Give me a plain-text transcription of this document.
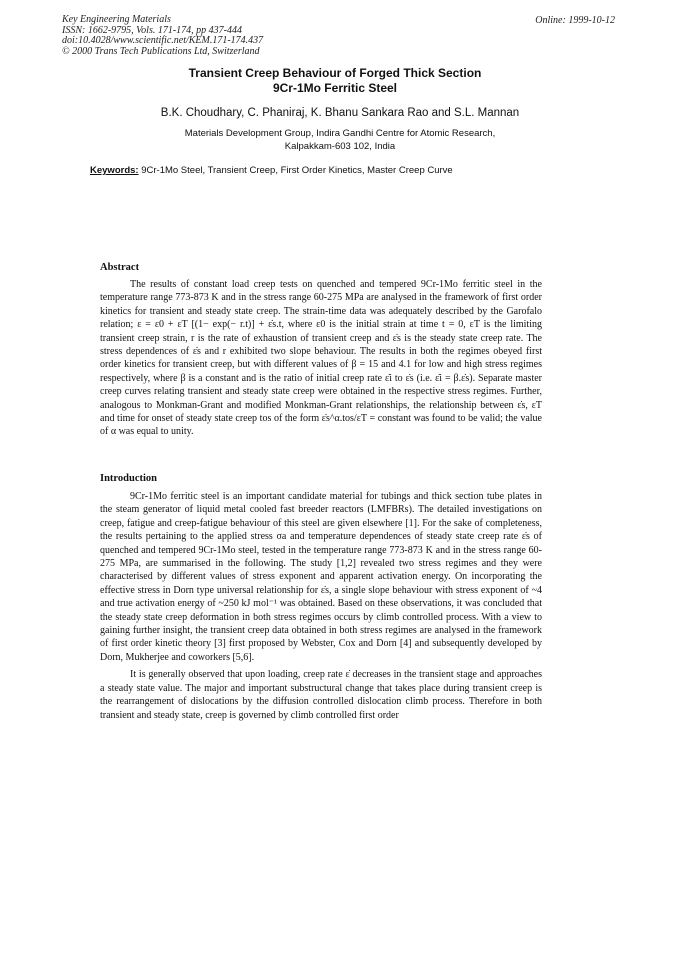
Key Engineering Materials
ISSN: 1662-9795, Vols. 171-174, pp 437-444
doi:10.4028/www.scientific.net/KEM.171-174.437
© 2000 Trans Tech Publications Ltd, Switzerland
Online: 1999-10-12
Transient Creep Behaviour of Forged Thick Section
9Cr-1Mo Ferritic Steel
B.K. Choudhary, C. Phaniraj, K. Bhanu Sankara Rao and S.L. Mannan
Materials Development Group, Indira Gandhi Centre for Atomic Research,
Kalpakkam-603 102, India
Keywords: 9Cr-1Mo Steel, Transient Creep, First Order Kinetics, Master Creep Curve
Abstract

The results of constant load creep tests on quenched and tempered 9Cr-1Mo ferritic steel in the temperature range 773-873 K and in the stress range 60-275 MPa are analysed in the framework of first order kinetics for transient and steady state creep. The strain-time data was adequately described by the Garofalo relation; ε = ε0 + εT [(1− exp(− r.t)] + ε̇s.t, where ε0 is the initial strain at time t = 0, εT is the limiting transient creep strain, r is the rate of exhaustion of transient creep and ε̇s is the steady state creep rate. The stress dependences of ε̇s and r exhibited two slope behaviour. The results in both the regimes obeyed first order kinetics for transient creep, but with different values of β = 15 and 4.1 for low and high stress regimes respectively, where β is a constant and is the ratio of initial creep rate ε̇i to ε̇s (i.e. ε̇i = β.ε̇s). Separate master creep curves relating transient and steady state creep were obtained in the respective stress regimes. Further, analogous to Monkman-Grant and modified Monkman-Grant relationships, the relationship between ε̇s, εT and time for onset of steady state creep tos of the form ε̇s^α.tos/εT = constant was found to be valid; the value of α was equal to unity.

Introduction

9Cr-1Mo ferritic steel is an important candidate material for tubings and thick section tube plates in the steam generator of liquid metal cooled fast breeder reactors (LMFBRs). The detailed investigations on creep, fatigue and creep-fatigue behaviour of this steel are given elsewhere [1]. For the sake of completeness, the results pertaining to the applied stress σa and temperature dependences of steady state creep rate ε̇s of quenched and tempered 9Cr-1Mo steel, tested in the temperature range 773-873 K and in the stress range 60-275 MPa, are summarised in the following. The study [1,2] revealed two stress regimes and they were characterised by different values of stress exponent and apparent activation energy. On incorporating the effective stress in Dorn type universal relationship for ε̇s, a single slope behaviour with stress exponent of ~4 and true activation energy of ~250 kJ mol⁻¹ was obtained. Based on these observations, it was concluded that the steady state creep deformation in both stress regimes occurs by climb controlled process. With a view to gaining further insight, the transient creep data obtained in both stress regimes are analysed in the framework of first order kinetic theory [3] first proposed by Webster, Cox and Dorn [4] and subsequently developed by Dorn, Mukherjee and coworkers [5,6].

It is generally observed that upon loading, creep rate ε̇ decreases in the transient stage and approaches a steady state value. The major and important substructural change that takes place during transient creep is the rearrangement of dislocations by the diffusion controlled dislocation climb process. Therefore in both transient and steady state, creep is governed by climb controlled first order
